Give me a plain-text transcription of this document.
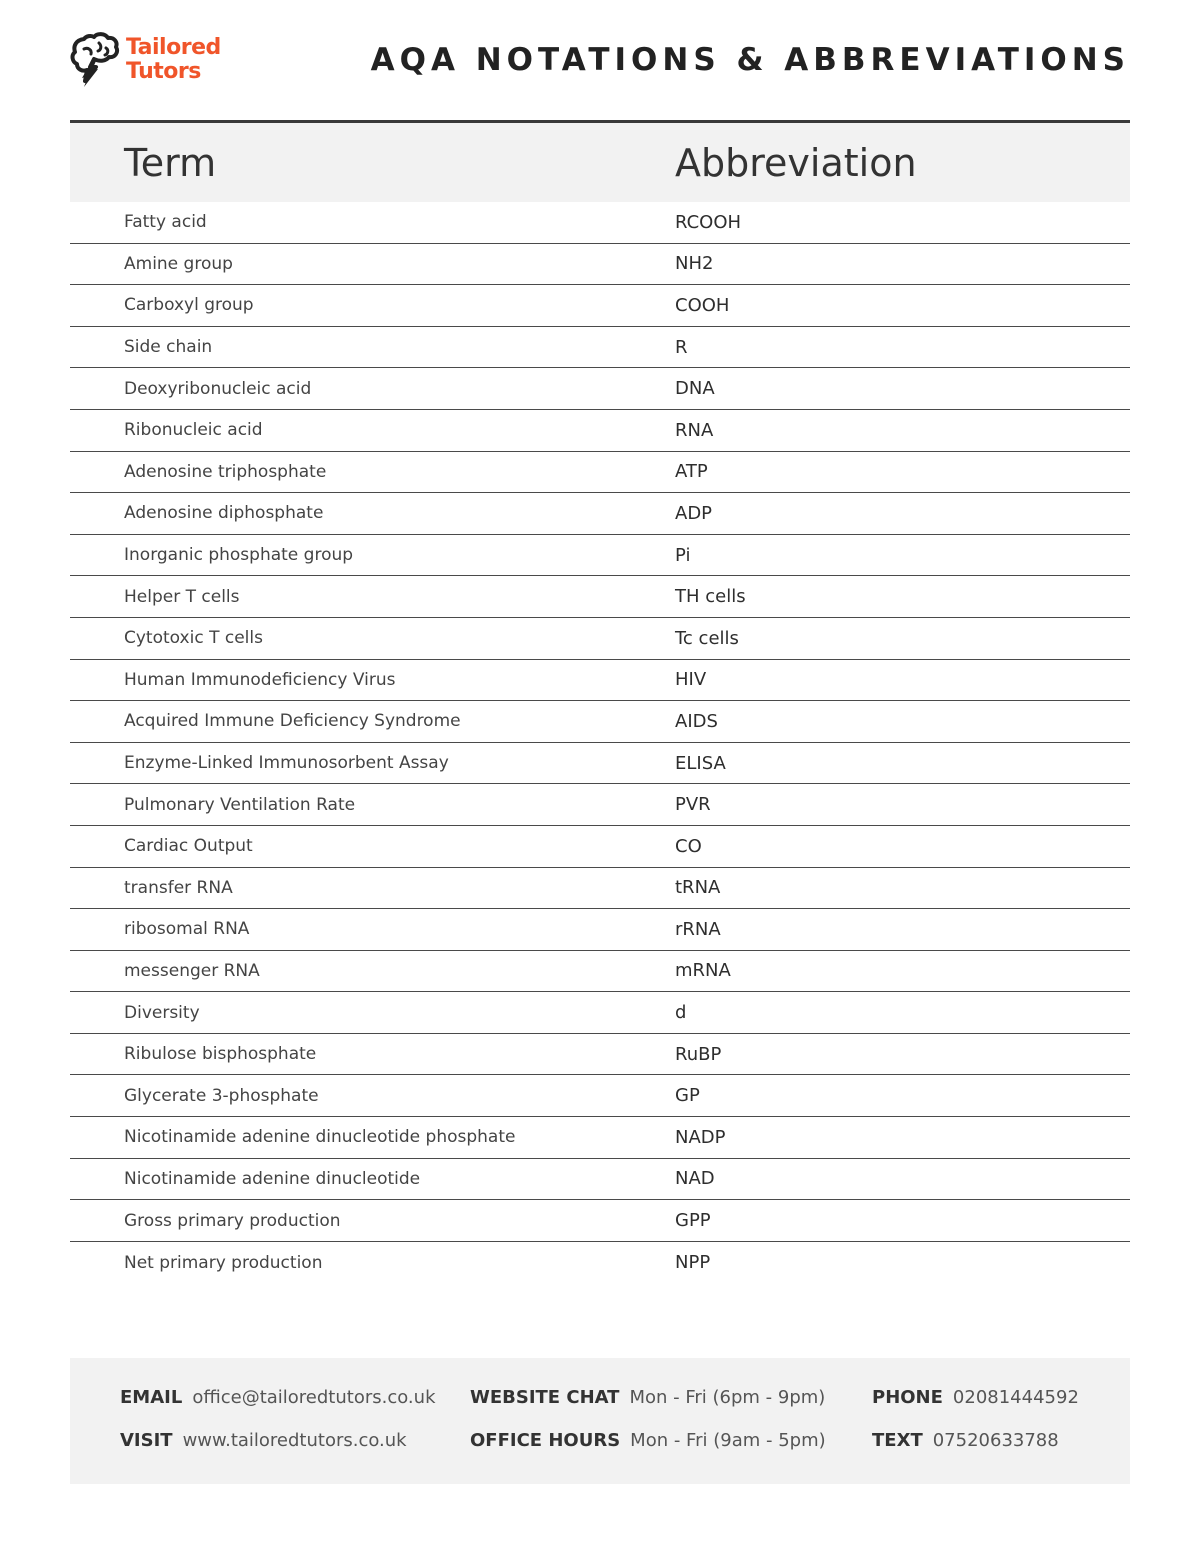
Tailored
Tutors	AQA NOTATIONS & ABBREVIATIONS
Term	Abbreviation
Fatty acid	RCOOH
Amine group	NH2
Carboxyl group	COOH
Side chain	R
Deoxyribonucleic acid	DNA
Ribonucleic acid	RNA
Adenosine triphosphate	ATP
Adenosine diphosphate	ADP
Inorganic phosphate group	Pi
Helper T cells	TH cells
Cytotoxic T cells	Tc cells
Human Immunodeficiency Virus	HIV
Acquired Immune Deficiency Syndrome	AIDS
Enzyme-Linked Immunosorbent Assay	ELISA
Pulmonary Ventilation Rate	PVR
Cardiac Output	CO
transfer RNA	tRNA
ribosomal RNA	rRNA
messenger RNA	mRNA
Diversity	d
Ribulose bisphosphate	RuBP
Glycerate 3-phosphate	GP
Nicotinamide adenine dinucleotide phosphate	NADP
Nicotinamide adenine dinucleotide	NAD
Gross primary production	GPP
Net primary production	NPP
EMAIL office@tailoredtutors.co.uk
VISIT www.tailoredtutors.co.uk
WEBSITE CHAT Mon - Fri (6pm - 9pm)
OFFICE HOURS Mon - Fri (9am - 5pm)
PHONE 02081444592
TEXT 07520633788
